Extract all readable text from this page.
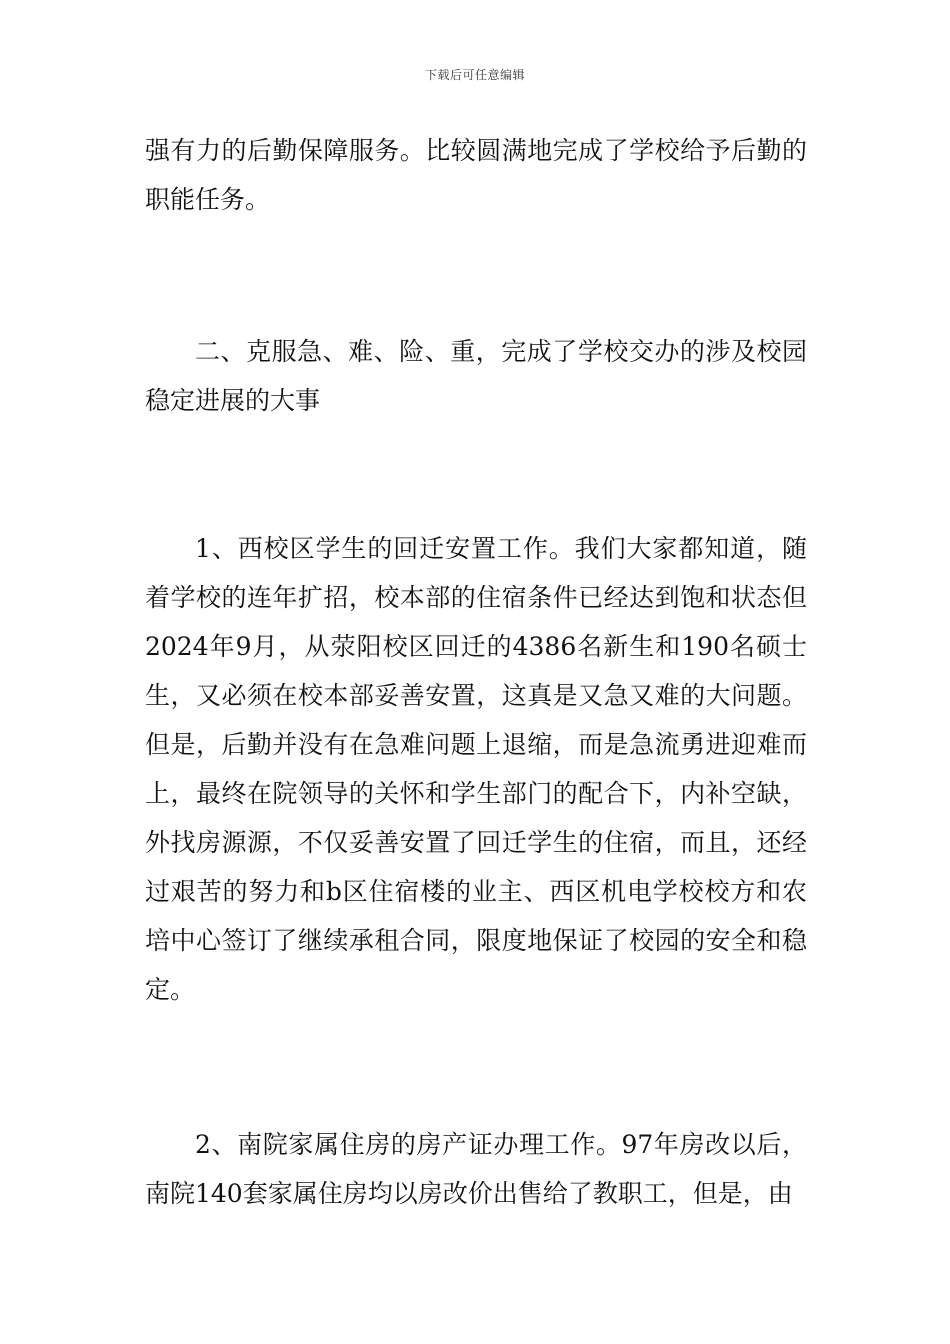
下载后可任意编辑

强有力的后勤保障服务。比较圆满地完成了学校给予后勤的职能任务。

二、克服急、难、险、重，完成了学校交办的涉及校园稳定进展的大事

1、西校区学生的回迁安置工作。我们大家都知道，随着学校的连年扩招，校本部的住宿条件已经达到饱和状态但2024年9月，从荥阳校区回迁的4386名新生和190名硕士生，又必须在校本部妥善安置，这真是又急又难的大问题。但是，后勤并没有在急难问题上退缩，而是急流勇进迎难而上，最终在院领导的关怀和学生部门的配合下，内补空缺，外找房源源，不仅妥善安置了回迁学生的住宿，而且，还经过艰苦的努力和b区住宿楼的业主、西区机电学校校方和农培中心签订了继续承租合同，限度地保证了校园的安全和稳定。

2、南院家属住房的房产证办理工作。97年房改以后，南院140套家属住房均以房改价出售给了教职工，但是，由
